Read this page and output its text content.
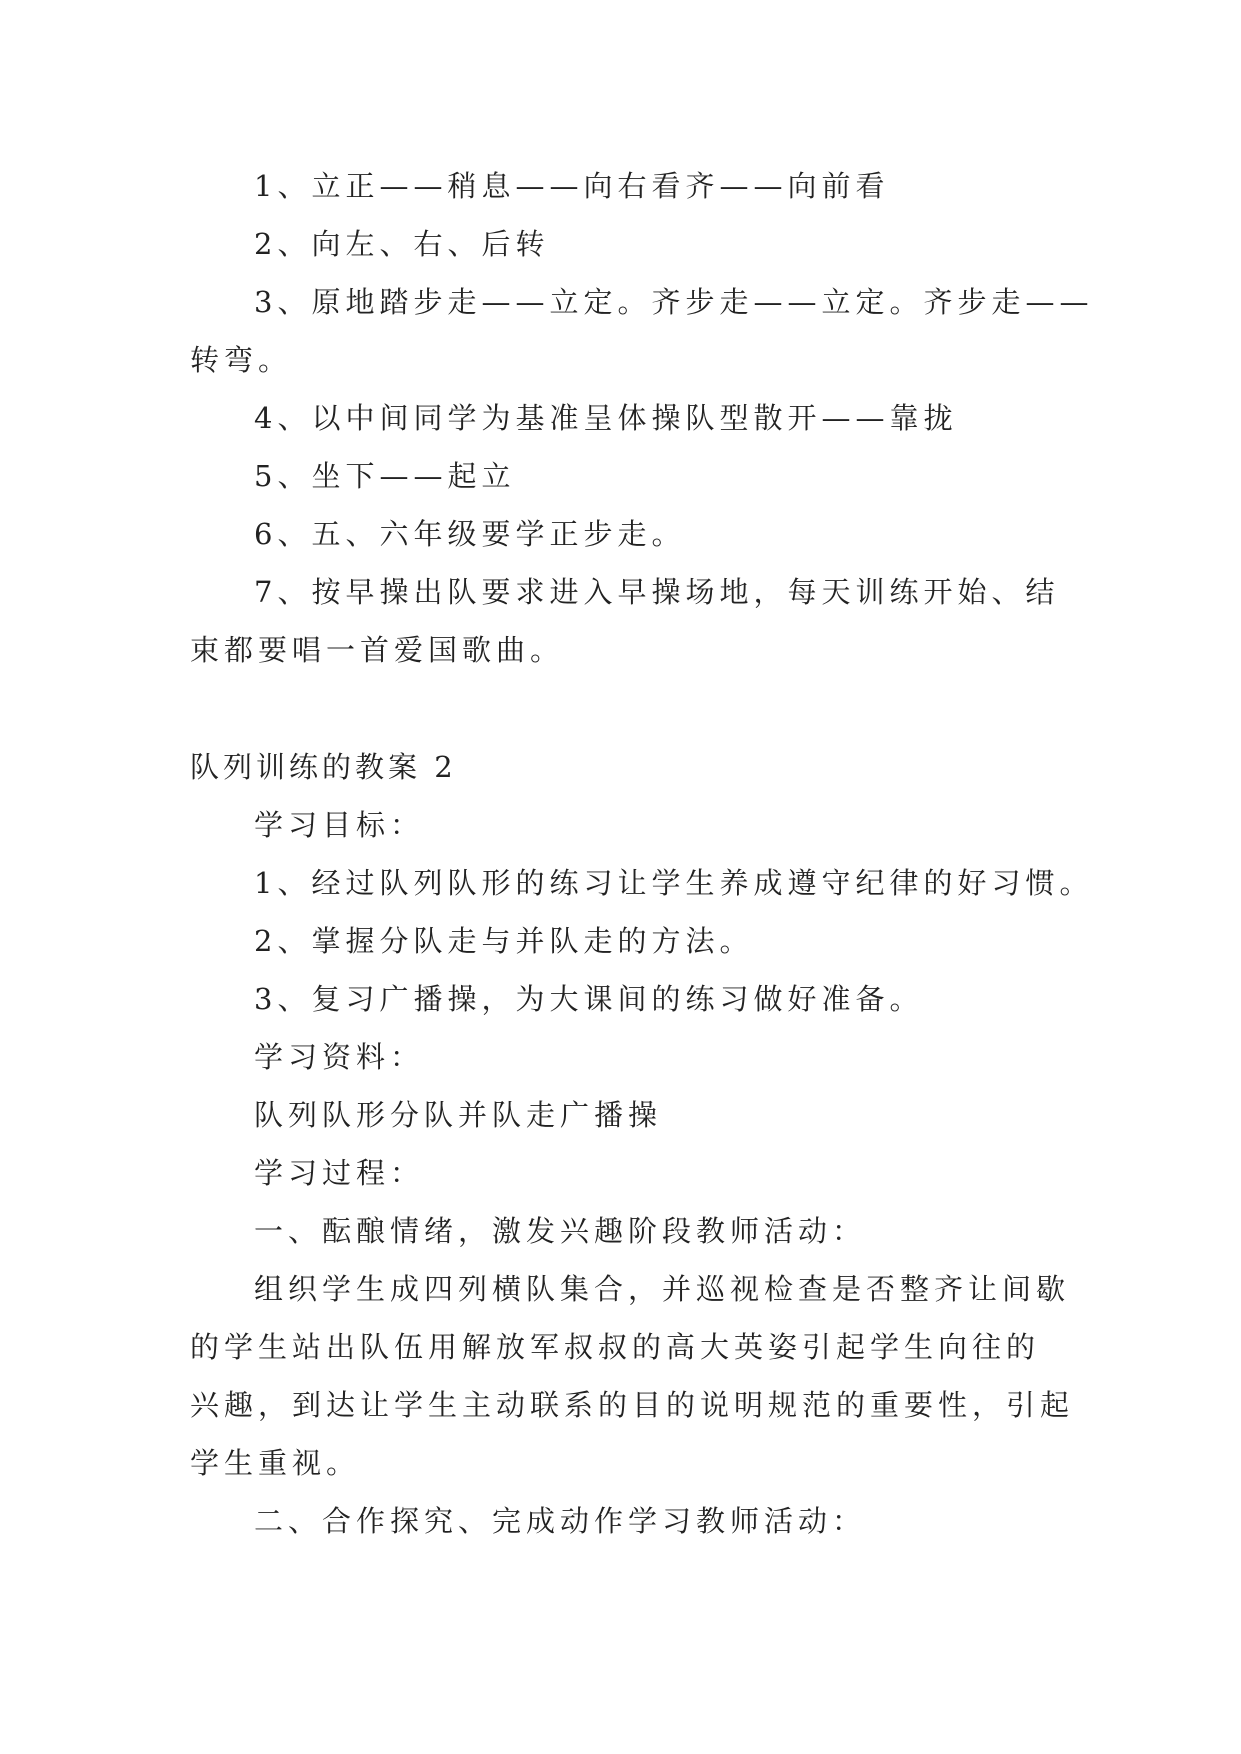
1、立正——稍息——向右看齐——向前看
2、向左、右、后转
3、原地踏步走——立定。齐步走——立定。齐步走——
转弯。
4、以中间同学为基准呈体操队型散开——靠拢
5、坐下——起立
6、五、六年级要学正步走。
7、按早操出队要求进入早操场地，每天训练开始、结
束都要唱一首爱国歌曲。
队列训练的教案 2
学习目标：
1、经过队列队形的练习让学生养成遵守纪律的好习惯。
2、掌握分队走与并队走的方法。
3、复习广播操，为大课间的练习做好准备。
学习资料：
队列队形分队并队走广播操
学习过程：
一、酝酿情绪，激发兴趣阶段教师活动：
组织学生成四列横队集合，并巡视检查是否整齐让间歇
的学生站出队伍用解放军叔叔的高大英姿引起学生向往的
兴趣，到达让学生主动联系的目的说明规范的重要性，引起
学生重视。
二、合作探究、完成动作学习教师活动：
